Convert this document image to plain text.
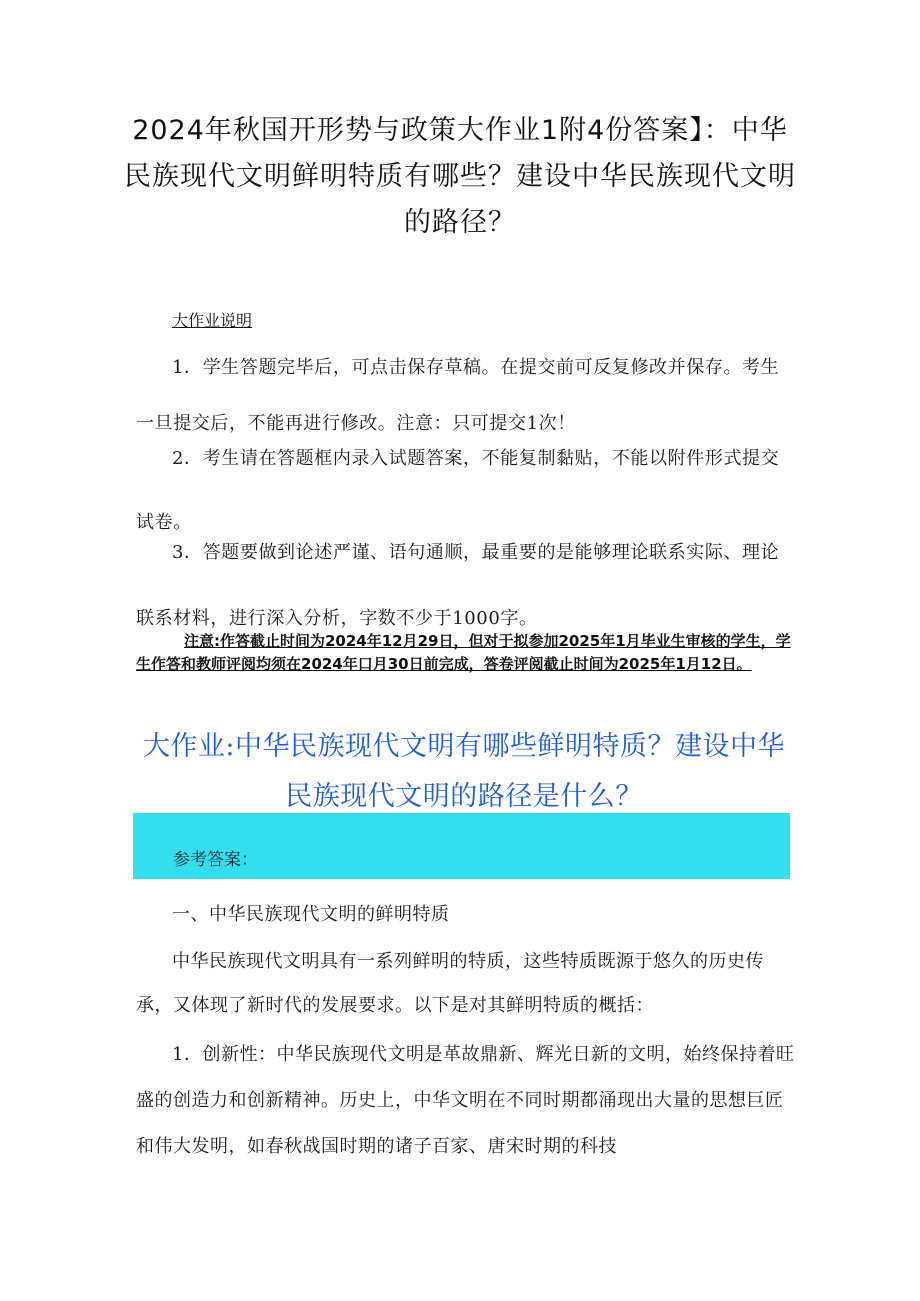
2024年秋国开形势与政策大作业1附4份答案】：中华民族现代文明鲜明特质有哪些？建设中华民族现代文明的路径？
大作业说明

1．学生答题完毕后，可点击保存草稿。在提交前可反复修改并保存。考生一旦提交后，不能再进行修改。注意：只可提交1次！

2．考生请在答题框内录入试题答案，不能复制黏贴，不能以附件形式提交试卷。

3．答题要做到论述严谨、语句通顺，最重要的是能够理论联系实际、理论联系材料，进行深入分析，字数不少于1000字。

注意:作答截止时间为2024年12月29日，但对于拟参加2025年1月毕业生审核的学生，学生作答和教师评阅均须在2024年口月30日前完成，答卷评阅截止时间为2025年1月12日。

大作业:中华民族现代文明有哪些鲜明特质？建设中华民族现代文明的路径是什么？

参考答案：

一、中华民族现代文明的鲜明特质

中华民族现代文明具有一系列鲜明的特质，这些特质既源于悠久的历史传承，又体现了新时代的发展要求。以下是对其鲜明特质的概括：

1．创新性：中华民族现代文明是革故鼎新、辉光日新的文明，始终保持着旺盛的创造力和创新精神。历史上，中华文明在不同时期都涌现出大量的思想巨匠和伟大发明，如春秋战国时期的诸子百家、唐宋时期的科技
